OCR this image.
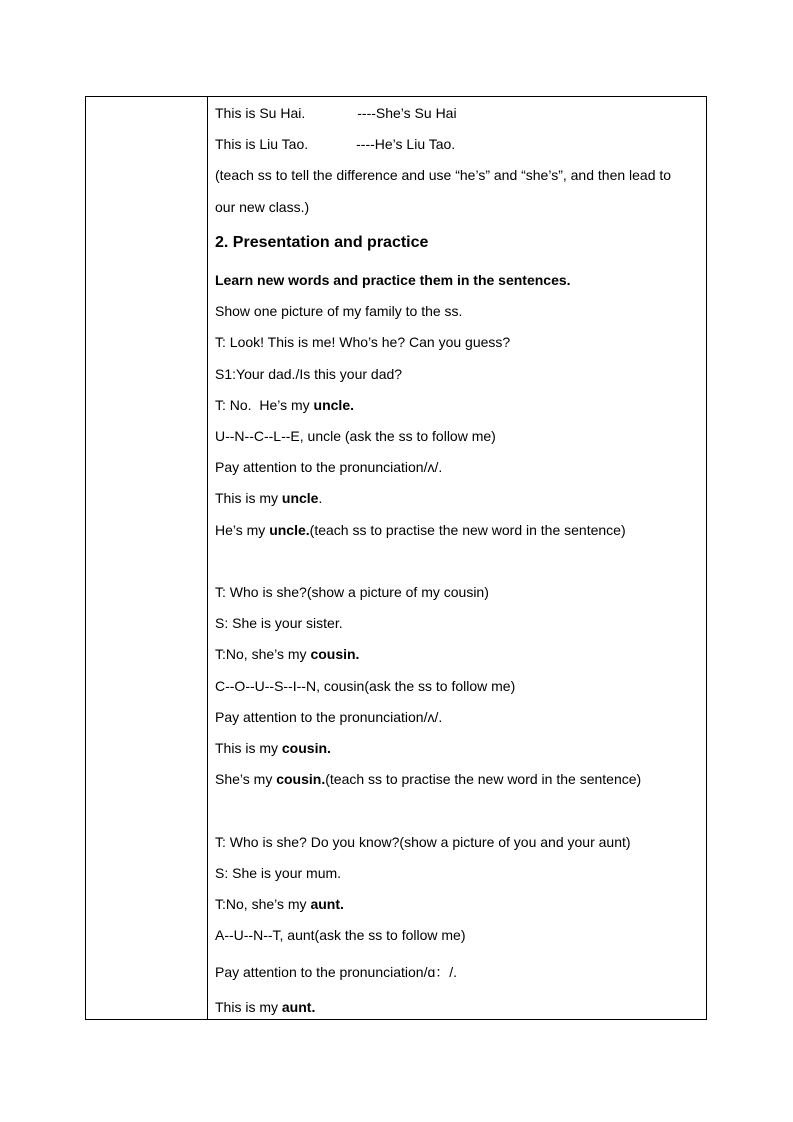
This is Su Hai.	----She’s Su Hai
This is Liu Tao.	----He’s Liu Tao.
(teach ss to tell the difference and use “he’s” and “she’s”, and then lead to
our new class.)
2. Presentation and practice
Learn new words and practice them in the sentences.
Show one picture of my family to the ss.
T: Look! This is me! Who’s he? Can you guess?
S1:Your dad./Is this your dad?
T: No.  He’s my uncle.
U--N--C--L--E, uncle (ask the ss to follow me)
Pay attention to the pronunciation/ʌ/.
This is my uncle.
He’s my uncle.(teach ss to practise the new word in the sentence)
T: Who is she?(show a picture of my cousin)
S: She is your sister.
T:No, she’s my cousin.
C--O--U--S--I--N, cousin(ask the ss to follow me)
Pay attention to the pronunciation/ʌ/.
This is my cousin.
She’s my cousin.(teach ss to practise the new word in the sentence)
T: Who is she? Do you know?(show a picture of you and your aunt)
S: She is your mum.
T:No, she’s my aunt.
A--U--N--T, aunt(ask the ss to follow me)
Pay attention to the pronunciation/ɑ：/.
This is my aunt.
